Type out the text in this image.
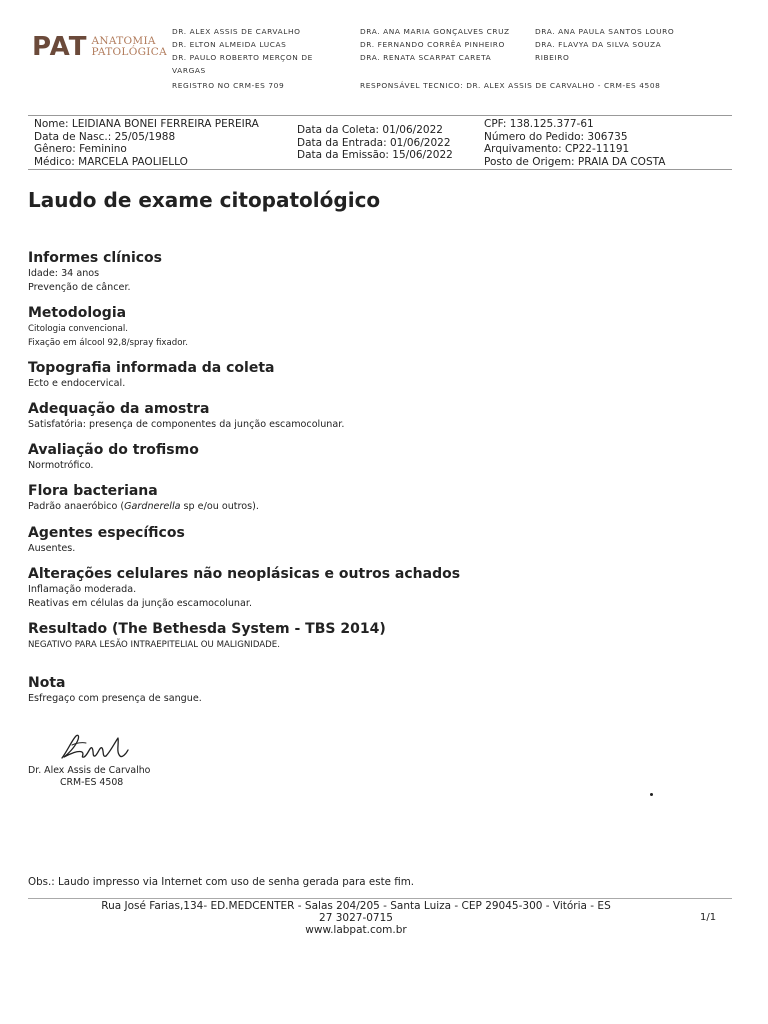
PAT ANATOMIA
PATOLÓGICA
DR. ALEX ASSIS DE CARVALHO
DR. ELTON ALMEIDA LUCAS
DR. PAULO ROBERTO MERÇON DE
VARGAS
DRA. ANA MARIA GONÇALVES CRUZ
DR. FERNANDO CORRÊA PINHEIRO
DRA. RENATA SCARPAT CARETA
DRA. ANA PAULA SANTOS LOURO
DRA. FLAVYA DA SILVA SOUZA
RIBEIRO
REGISTRO NO CRM-ES 709	RESPONSÁVEL TECNICO: DR. ALEX ASSIS DE CARVALHO - CRM-ES 4508
Nome: LEIDIANA BONEI FERREIRA PEREIRA
Data de Nasc.: 25/05/1988
Gênero: Feminino
Médico: MARCELA PAOLIELLO
Data da Coleta: 01/06/2022
Data da Entrada: 01/06/2022
Data da Emissão: 15/06/2022
CPF: 138.125.377-61
Número do Pedido: 306735
Arquivamento: CP22-11191
Posto de Origem: PRAIA DA COSTA
Laudo de exame citopatológico
Informes clínicos
Idade: 34 anos
Prevenção de câncer.
Metodologia
Citologia convencional.
Fixação em álcool 92,8/spray fixador.
Topografia informada da coleta
Ecto e endocervical.
Adequação da amostra
Satisfatória: presença de componentes da junção escamocolunar.
Avaliação do trofismo
Normotrófico.
Flora bacteriana
Padrão anaeróbico (Gardnerella sp e/ou outros).
Agentes específicos
Ausentes.
Alterações celulares não neoplásicas e outros achados
Inflamação moderada.
Reativas em células da junção escamocolunar.
Resultado (The Bethesda System - TBS 2014)
NEGATIVO PARA LESÃO INTRAEPITELIAL OU MALIGNIDADE.
Nota
Esfregaço com presença de sangue.
Dr. Alex Assis de Carvalho
CRM-ES 4508
Obs.: Laudo impresso via Internet com uso de senha gerada para este fim.
Rua José Farias,134- ED.MEDCENTER - Salas 204/205 - Santa Luiza - CEP 29045-300 - Vitória - ES
27 3027-0715
www.labpat.com.br
1/1
